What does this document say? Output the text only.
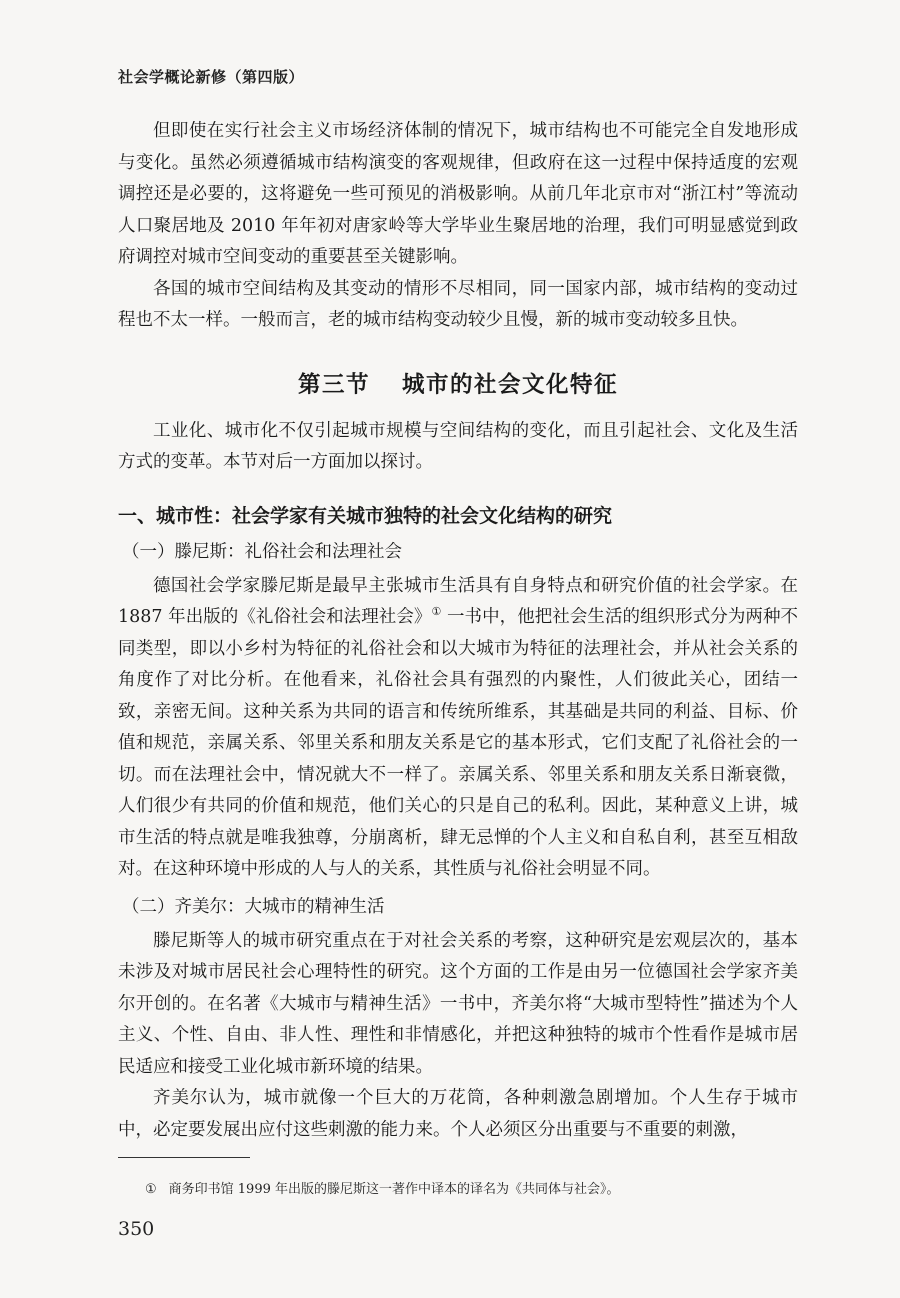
社会学概论新修（第四版）

但即使在实行社会主义市场经济体制的情况下，城市结构也不可能完全自发地形成与变化。虽然必须遵循城市结构演变的客观规律，但政府在这一过程中保持适度的宏观调控还是必要的，这将避免一些可预见的消极影响。从前几年北京市对“浙江村”等流动人口聚居地及 2010 年年初对唐家岭等大学毕业生聚居地的治理，我们可明显感觉到政府调控对城市空间变动的重要甚至关键影响。

各国的城市空间结构及其变动的情形不尽相同，同一国家内部，城市结构的变动过程也不太一样。一般而言，老的城市结构变动较少且慢，新的城市变动较多且快。

第三节 城市的社会文化特征

工业化、城市化不仅引起城市规模与空间结构的变化，而且引起社会、文化及生活方式的变革。本节对后一方面加以探讨。

一、城市性：社会学家有关城市独特的社会文化结构的研究
（一）滕尼斯：礼俗社会和法理社会

德国社会学家滕尼斯是最早主张城市生活具有自身特点和研究价值的社会学家。在 1887 年出版的《礼俗社会和法理社会》① 一书中，他把社会生活的组织形式分为两种不同类型，即以小乡村为特征的礼俗社会和以大城市为特征的法理社会，并从社会关系的角度作了对比分析。在他看来，礼俗社会具有强烈的内聚性，人们彼此关心，团结一致，亲密无间。这种关系为共同的语言和传统所维系，其基础是共同的利益、目标、价值和规范，亲属关系、邻里关系和朋友关系是它的基本形式，它们支配了礼俗社会的一切。而在法理社会中，情况就大不一样了。亲属关系、邻里关系和朋友关系日渐衰微，人们很少有共同的价值和规范，他们关心的只是自己的私利。因此，某种意义上讲，城市生活的特点就是唯我独尊，分崩离析，肆无忌惮的个人主义和自私自利，甚至互相敌对。在这种环境中形成的人与人的关系，其性质与礼俗社会明显不同。

（二）齐美尔：大城市的精神生活

滕尼斯等人的城市研究重点在于对社会关系的考察，这种研究是宏观层次的，基本未涉及对城市居民社会心理特性的研究。这个方面的工作是由另一位德国社会学家齐美尔开创的。在名著《大城市与精神生活》一书中，齐美尔将“大城市型特性”描述为个人主义、个性、自由、非人性、理性和非情感化，并把这种独特的城市个性看作是城市居民适应和接受工业化城市新环境的结果。

齐美尔认为，城市就像一个巨大的万花筒，各种刺激急剧增加。个人生存于城市中，必定要发展出应付这些刺激的能力来。个人必须区分出重要与不重要的刺激，

① 商务印书馆 1999 年出版的滕尼斯这一著作中译本的译名为《共同体与社会》。
350
